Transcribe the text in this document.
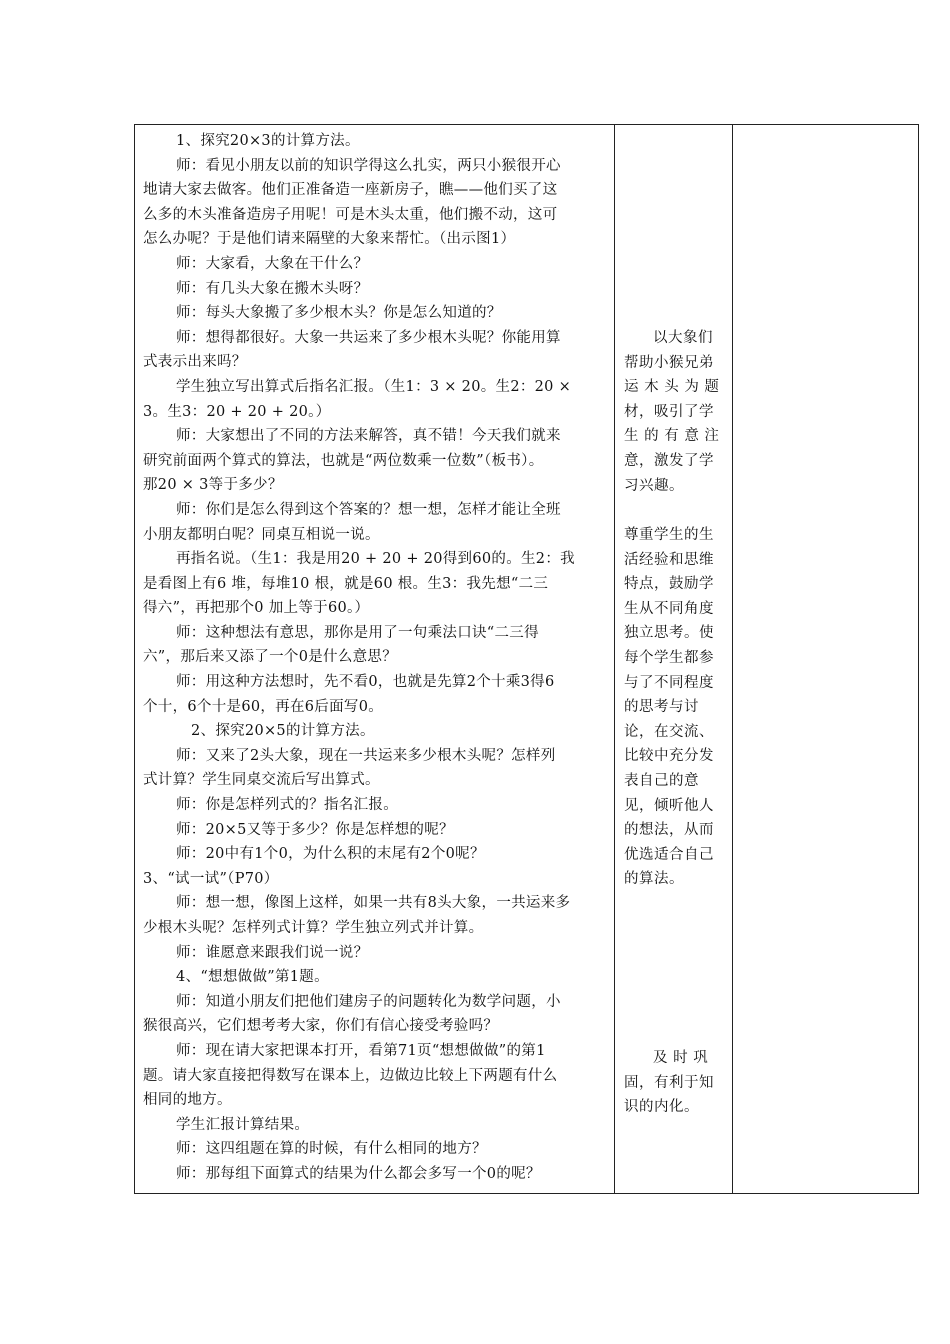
1、探究20×3的计算方法。
师：看见小朋友以前的知识学得这么扎实，两只小猴很开心
地请大家去做客。他们正准备造一座新房子，瞧——他们买了这
么多的木头准备造房子用呢！可是木头太重，他们搬不动，这可
怎么办呢？于是他们请来隔壁的大象来帮忙。（出示图1）
师：大家看，大象在干什么？
师：有几头大象在搬木头呀？
师：每头大象搬了多少根木头？你是怎么知道的？
师：想得都很好。大象一共运来了多少根木头呢？你能用算
式表示出来吗？
学生独立写出算式后指名汇报。（生1：3 × 20。生2：20 ×
3。生3：20 + 20 + 20。）
师：大家想出了不同的方法来解答，真不错！今天我们就来
研究前面两个算式的算法，也就是“两位数乘一位数”（板书）。
那20 × 3等于多少？
师：你们是怎么得到这个答案的？想一想，怎样才能让全班
小朋友都明白呢？同桌互相说一说。
再指名说。（生1：我是用20 + 20 + 20得到60的。生2：我
是看图上有6 堆，每堆10 根，就是60 根。生3：我先想“二三
得六”，再把那个0 加上等于60。）
师：这种想法有意思，那你是用了一句乘法口诀“二三得
六”，那后来又添了一个0是什么意思？
师：用这种方法想时，先不看0，也就是先算2个十乘3得6
个十，6个十是60，再在6后面写0。
2、探究20×5的计算方法。
师：又来了2头大象，现在一共运来多少根木头呢？怎样列
式计算？学生同桌交流后写出算式。
师：你是怎样列式的？指名汇报。
师：20×5又等于多少？你是怎样想的呢？
师：20中有1个0，为什么积的末尾有2个0呢？
3、“试一试”（P70）
师：想一想，像图上这样，如果一共有8头大象，一共运来多
少根木头呢？怎样列式计算？学生独立列式并计算。
师：谁愿意来跟我们说一说？
4、“想想做做”第1题。
师：知道小朋友们把他们建房子的问题转化为数学问题，小
猴很高兴，它们想考考大家，你们有信心接受考验吗？
师：现在请大家把课本打开，看第71页“想想做做”的第1
题。请大家直接把得数写在课本上，边做边比较上下两题有什么
相同的地方。
学生汇报计算结果。
师：这四组题在算的时候，有什么相同的地方？
师：那每组下面算式的结果为什么都会多写一个0的呢？
以大象们
帮助小猴兄弟
运 木 头 为 题
材，吸引了学
生 的 有 意 注
意，激发了学
习兴趣。
尊重学生的生
活经验和思维
特点，鼓励学
生从不同角度
独立思考。使
每个学生都参
与了不同程度
的思考与讨
论，在交流、
比较中充分发
表自己的意
见，倾听他人
的想法，从而
优选适合自己
的算法。
及 时 巩
固，有利于知
识的内化。
